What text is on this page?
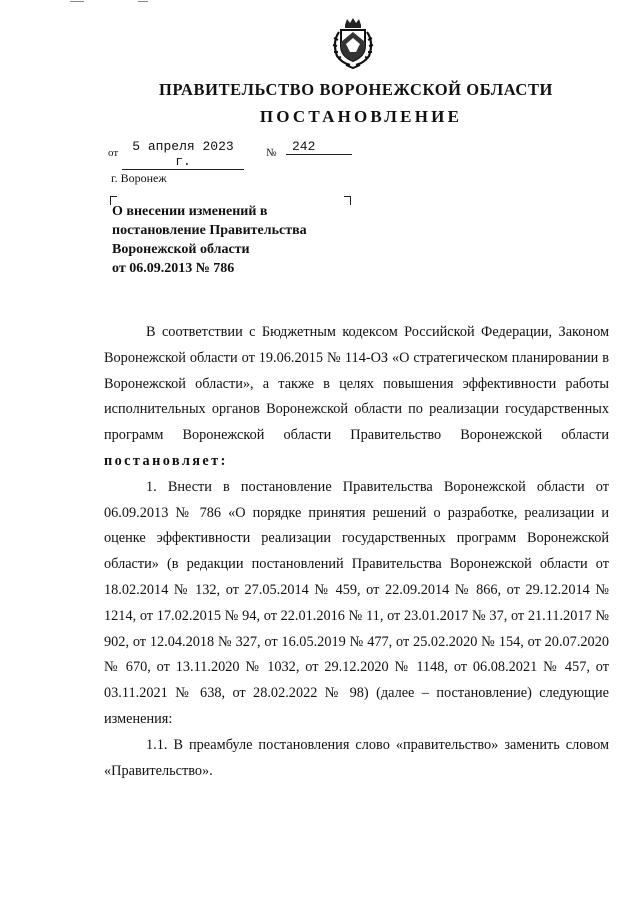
ПРАВИТЕЛЬСТВО ВОРОНЕЖСКОЙ ОБЛАСТИ
ПОСТАНОВЛЕНИЕ
от	5 апреля 2023 г.
№	242
г. Воронеж
О внесении изменений в
постановление Правительства
Воронежской области
от 06.09.2013 № 786

В соответствии с Бюджетным кодексом Российской Федерации, Законом Воронежской области от 19.06.2015 № 114-ОЗ «О стратегическом планировании в Воронежской области», а также в целях повышения эффективности работы исполнительных органов Воронежской области по реализации государственных программ Воронежской области Правительство Воронежской области постановляет:

1. Внести в постановление Правительства Воронежской области от 06.09.2013 № 786 «О порядке принятия решений о разработке, реализации и оценке эффективности реализации государственных программ Воронежской области» (в редакции постановлений Правительства Воронежской области от 18.02.2014 № 132, от 27.05.2014 № 459, от 22.09.2014 № 866, от 29.12.2014 № 1214, от 17.02.2015 № 94, от 22.01.2016 № 11, от 23.01.2017 № 37, от 21.11.2017 № 902, от 12.04.2018 № 327, от 16.05.2019 № 477, от 25.02.2020 № 154, от 20.07.2020 № 670, от 13.11.2020 № 1032, от 29.12.2020 № 1148, от 06.08.2021 № 457, от 03.11.2021 № 638, от 28.02.2022 № 98) (далее – постановление) следующие изменения:

1.1. В преамбуле постановления слово «правительство» заменить словом «Правительство».
